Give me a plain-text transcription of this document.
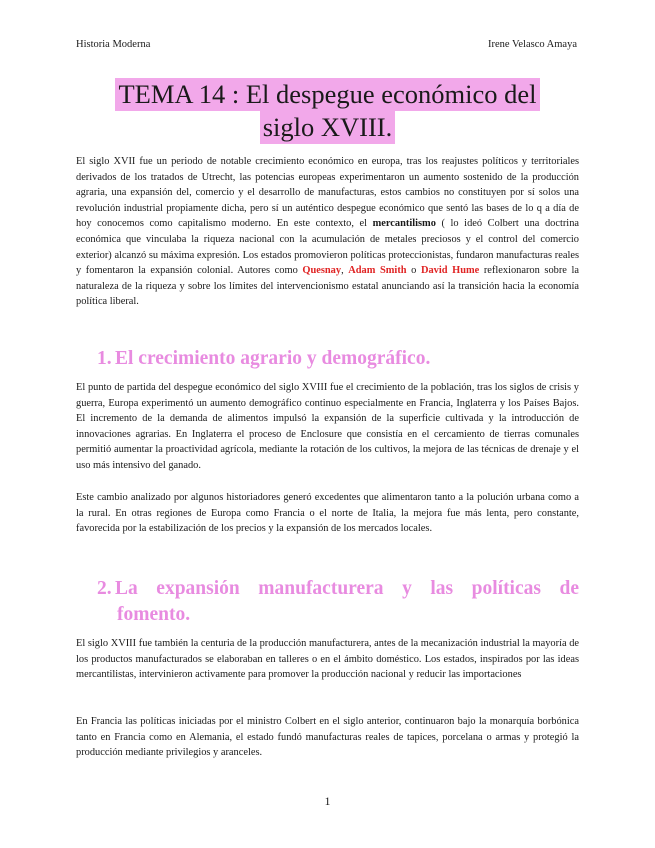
Historia Moderna	Irene Velasco Amaya
TEMA 14 : El despegue económico del
siglo XVIII.

El siglo XVII fue un periodo de notable crecimiento económico en europa, tras los reajustes políticos y territoriales derivados de los tratados de Utrecht, las potencias europeas experimentaron un aumento sostenido de la producción agraria, una expansión del, comercio y el desarrollo de manufacturas, estos cambios no constituyen por sí solos una revolución industrial propiamente dicha, pero sí un auténtico despegue económico que sentó las bases de lo q a día de hoy conocemos como capitalismo moderno. En este contexto, el mercantilismo ( lo ideó Colbert una doctrina económica que vinculaba la riqueza nacional con la acumulación de metales preciosos y el control del comercio exterior) alcanzó su máxima expresión. Los estados promovieron políticas proteccionistas, fundaron manufacturas reales y fomentaron la expansión colonial. Autores como Quesnay, Adam Smith o David Hume reflexionaron sobre la naturaleza de la riqueza y sobre los límites del intervencionismo estatal anunciando así la transición hacia la economía política liberal.

1. El crecimiento agrario y demográfico.

El punto de partida del despegue económico del siglo XVIII fue el crecimiento de la población, tras los siglos de crisis y guerra, Europa experimentó un aumento demográfico continuo especialmente en Francia, Inglaterra y los Países Bajos. El incremento de la demanda de alimentos impulsó la expansión de la superficie cultivada y la introducción de innovaciones agrarias. En Inglaterra el proceso de Enclosure que consistía en el cercamiento de tierras comunales permitió aumentar la proactividad agrícola, mediante la rotación de los cultivos, la mejora de las técnicas de drenaje y el uso más intensivo del ganado.

Este cambio analizado por algunos historiadores generó excedentes que alimentaron tanto a la polución urbana como a la rural. En otras regiones de Europa como Francia o el norte de Italia, la mejora fue más lenta, pero constante, favorecida por la estabilización de los precios y la expansión de los mercados locales.

2. La expansión manufacturera y las políticas de
fomento.

El siglo XVIII fue también la centuria de la producción manufacturera, antes de la mecanización industrial la mayoría de los productos manufacturados se elaboraban en talleres o en el ámbito doméstico. Los estados, inspirados por las ideas mercantilistas, intervinieron activamente para promover la producción nacional y reducir las importaciones

En Francia las políticas iniciadas por el ministro Colbert en el siglo anterior, continuaron bajo la monarquía borbónica tanto en Francia como en Alemania, el estado fundó manufacturas reales de tapices, porcelana o armas y protegió la producción mediante privilegios y aranceles.

1
